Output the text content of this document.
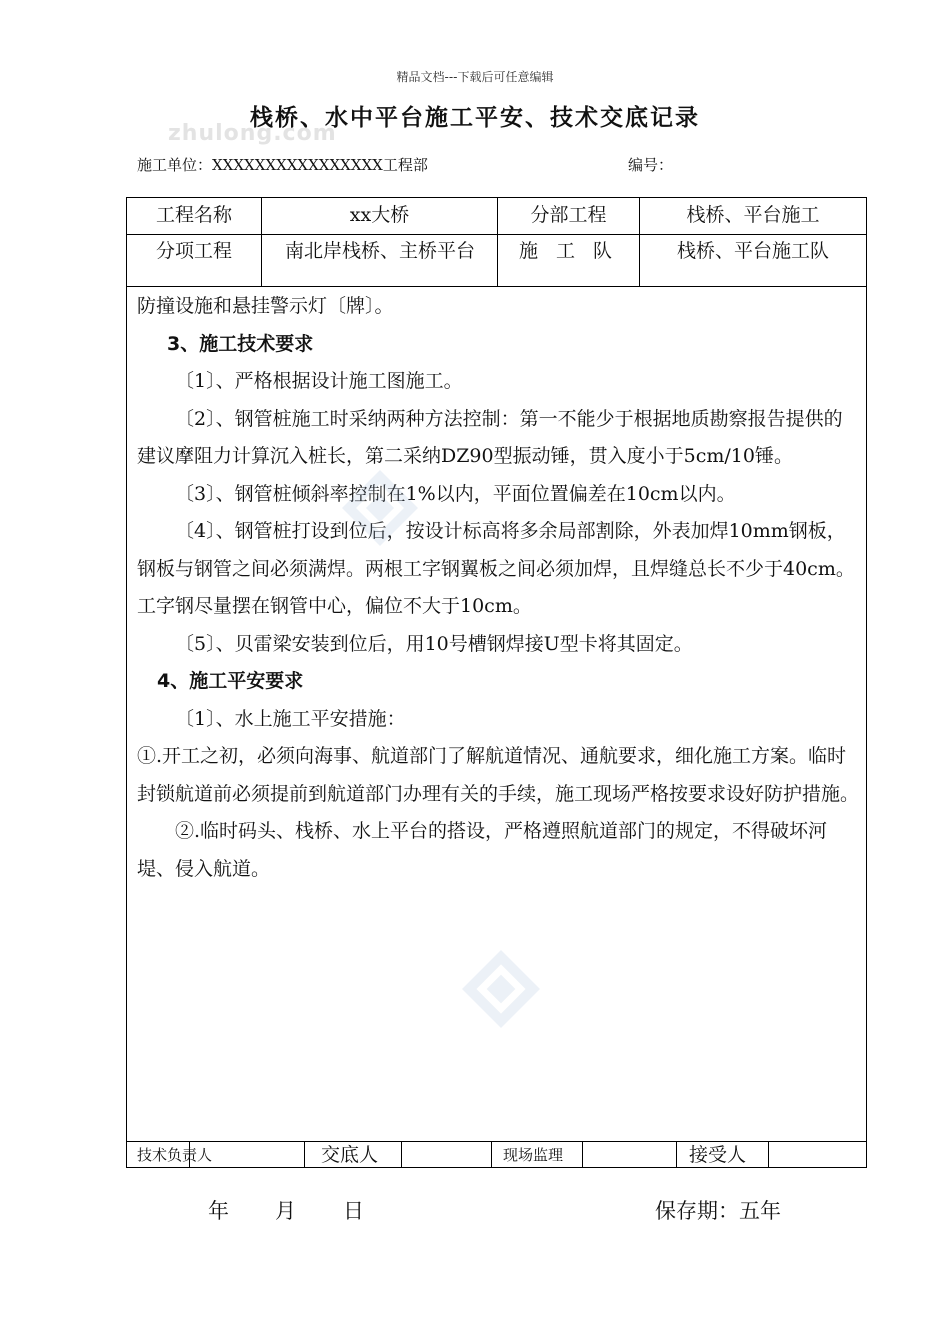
精品文档---下载后可任意编辑
zhulong.com
栈桥、水中平台施工平安、技术交底记录
施工单位：XXXXXXXXXXXXXXXX工程部	编号：
工程名称	xx大桥	分部工程	栈桥、平台施工
分项工程	南北岸栈桥、主桥平台	施 工 队	栈桥、平台施工队

防撞设施和悬挂警示灯〔牌〕。

3、施工技术要求

〔1〕、严格根据设计施工图施工。

〔2〕、钢管桩施工时采纳两种方法控制：第一不能少于根据地质勘察报告提供的建议摩阻力计算沉入桩长，第二采纳DZ90型振动锤，贯入度小于5cm/10锤。

〔3〕、钢管桩倾斜率控制在1%以内，平面位置偏差在10cm以内。

〔4〕、钢管桩打设到位后，按设计标高将多余局部割除，外表加焊10mm钢板，钢板与钢管之间必须满焊。两根工字钢翼板之间必须加焊，且焊缝总长不少于40cm。工字钢尽量摆在钢管中心，偏位不大于10cm。

〔5〕、贝雷梁安装到位后，用10号槽钢焊接U型卡将其固定。

4、施工平安要求

〔1〕、水上施工平安措施：

①.开工之初，必须向海事、航道部门了解航道情况、通航要求，细化施工方案。临时封锁航道前必须提前到航道部门办理有关的手续，施工现场严格按要求设好防护措施。

②.临时码头、栈桥、水上平台的搭设，严格遵照航道部门的规定，不得破坏河堤、侵入航道。

技术负责人	交底人	现场监理	接受人
年 月 日	保存期：五年
